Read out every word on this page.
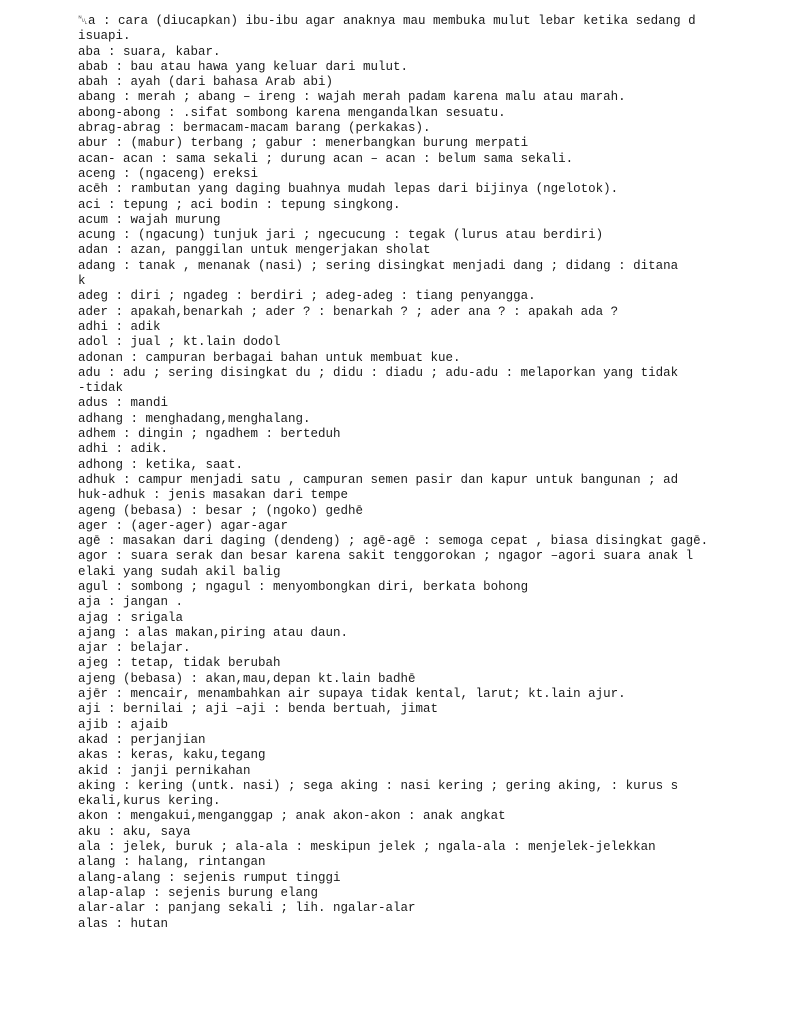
␀a : cara (diucapkan) ibu-ibu agar anaknya mau membuka mulut lebar ketika sedang d
isuapi.
aba : suara, kabar.
abab : bau atau hawa yang keluar dari mulut.
abah : ayah (dari bahasa Arab abi)
abang : merah ; abang – ireng : wajah merah padam karena malu atau marah.
abong-abong : .sifat sombong karena mengandalkan sesuatu.
abrag-abrag : bermacam-macam barang (perkakas).
abur : (mabur) terbang ; gabur : menerbangkan burung merpati
acan- acan : sama sekali ; durung acan – acan : belum sama sekali.
aceng : (ngaceng) ereksi
acēh : rambutan yang daging buahnya mudah lepas dari bijinya (ngelotok).
aci : tepung ; aci bodin : tepung singkong.
acum : wajah murung
acung : (ngacung) tunjuk jari ; ngecucung : tegak (lurus atau berdiri)
adan : azan, panggilan untuk mengerjakan sholat
adang : tanak , menanak (nasi) ; sering disingkat menjadi dang ; didang : ditana
k
adeg : diri ; ngadeg : berdiri ; adeg-adeg : tiang penyangga.
ader : apakah,benarkah ; ader ? : benarkah ? ; ader ana ? : apakah ada ?
adhi : adik
adol : jual ; kt.lain dodol
adonan : campuran berbagai bahan untuk membuat kue.
adu : adu ; sering disingkat du ; didu : diadu ; adu-adu : melaporkan yang tidak
-tidak
adus : mandi
adhang : menghadang,menghalang.
adhem : dingin ; ngadhem : berteduh
adhi : adik.
adhong : ketika, saat.
adhuk : campur menjadi satu , campuran semen pasir dan kapur untuk bangunan ; ad
huk-adhuk : jenis masakan dari tempe
ageng (bebasa) : besar ; (ngoko) gedhē
ager : (ager-ager) agar-agar
agē : masakan dari daging (dendeng) ; agē-agē : semoga cepat , biasa disingkat gagē.
agor : suara serak dan besar karena sakit tenggorokan ; ngagor –agori suara anak l
elaki yang sudah akil balig
agul : sombong ; ngagul : menyombongkan diri, berkata bohong
aja : jangan .
ajag : srigala
ajang : alas makan,piring atau daun.
ajar : belajar.
ajeg : tetap, tidak berubah
ajeng (bebasa) : akan,mau,depan kt.lain badhē
ajēr : mencair, menambahkan air supaya tidak kental, larut; kt.lain ajur.
aji : bernilai ; aji –aji : benda bertuah, jimat
ajib : ajaib
akad : perjanjian
akas : keras, kaku,tegang
akid : janji pernikahan
aking : kering (untk. nasi) ; sega aking : nasi kering ; gering aking, : kurus s
ekali,kurus kering.
akon : mengakui,menganggap ; anak akon-akon : anak angkat
aku : aku, saya
ala : jelek, buruk ; ala-ala : meskipun jelek ; ngala-ala : menjelek-jelekkan
alang : halang, rintangan
alang-alang : sejenis rumput tinggi
alap-alap : sejenis burung elang
alar-alar : panjang sekali ; lih. ngalar-alar
alas : hutan
